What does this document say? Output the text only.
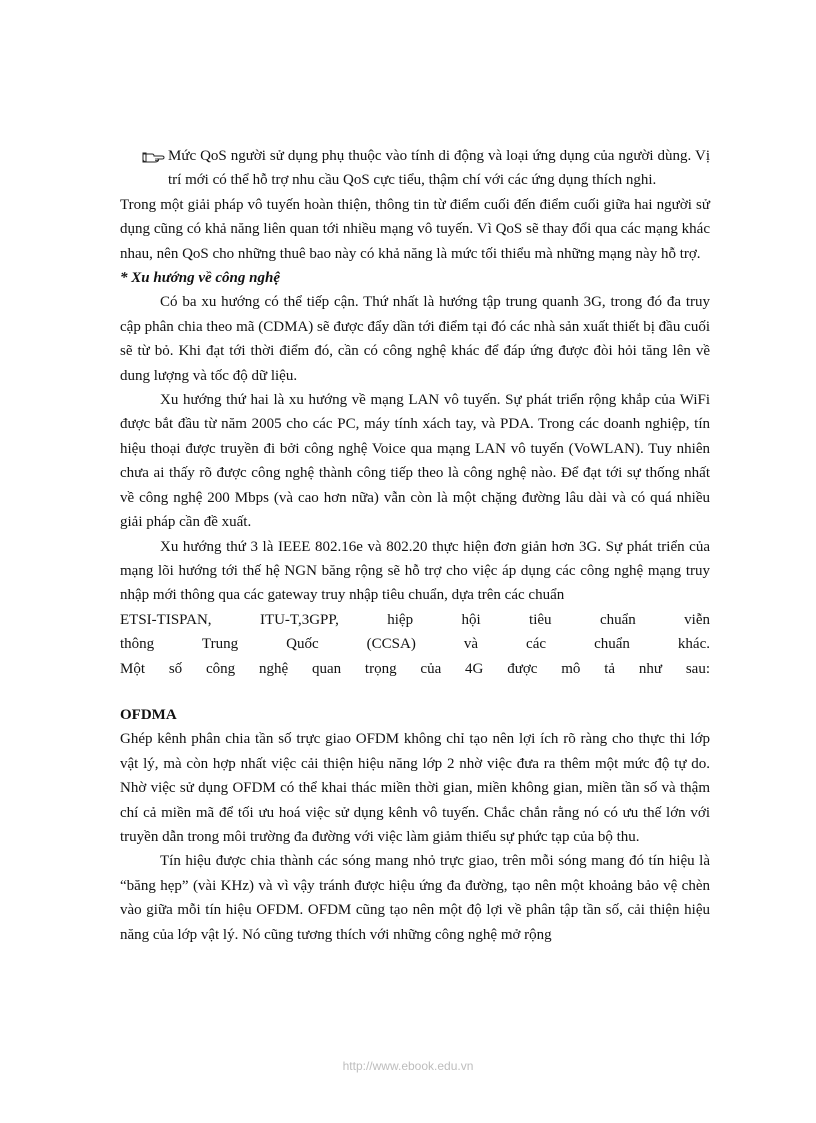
Mức QoS người sử dụng phụ thuộc vào tính di động và loại ứng dụng của người dùng. Vị trí mới có thể hỗ trợ nhu cầu QoS cực tiểu, thậm chí với các ứng dụng thích nghi.

Trong một giải pháp vô tuyến hoàn thiện, thông tin từ điểm cuối đến điểm cuối giữa hai người sử dụng cũng có khả năng liên quan tới nhiều mạng vô tuyến. Vì QoS sẽ thay đổi qua các mạng khác nhau, nên QoS cho những thuê bao này có khả năng là mức tối thiểu mà những mạng này hỗ trợ.

* Xu hướng về công nghệ

Có ba xu hướng có thể tiếp cận. Thứ nhất là hướng tập trung quanh 3G, trong đó đa truy cập phân chia theo mã (CDMA) sẽ được đẩy dần tới điểm tại đó các nhà sản xuất thiết bị đầu cuối sẽ từ bỏ. Khi đạt tới thời điểm đó, cần có công nghệ khác để đáp ứng được đòi hỏi tăng lên về dung lượng và tốc độ dữ liệu.

Xu hướng thứ hai là xu hướng về mạng LAN vô tuyến. Sự phát triển rộng khắp của WiFi được bắt đầu từ năm 2005 cho các PC, máy tính xách tay, và PDA. Trong các doanh nghiệp, tín hiệu thoại được truyền đi bởi công nghệ Voice qua mạng LAN vô tuyến (VoWLAN). Tuy nhiên chưa ai thấy rõ được công nghệ thành công tiếp theo là công nghệ nào. Để đạt tới sự thống nhất về công nghệ 200 Mbps (và cao hơn nữa) vẫn còn là một chặng đường lâu dài và có quá nhiều giải pháp cần đề xuất.

Xu hướng thứ 3 là IEEE 802.16e và 802.20 thực hiện đơn giản hơn 3G. Sự phát triển của mạng lõi hướng tới thế hệ NGN băng rộng sẽ hỗ trợ cho việc áp dụng các công nghệ mạng truy nhập mới thông qua các gateway truy nhập tiêu chuẩn, dựa trên các chuẩn

ETSI-TISPAN, ITU-T,3GPP, hiệp hội tiêu chuẩn viễn

thông Trung Quốc (CCSA) và các chuẩn khác.

Một số công nghệ quan trọng của 4G được mô tả như sau:

OFDMA

Ghép kênh phân chia tần số trực giao OFDM không chỉ tạo nên lợi ích rõ ràng cho thực thi lớp vật lý, mà còn hợp nhất việc cải thiện hiệu năng lớp 2 nhờ việc đưa ra thêm một mức độ tự do. Nhờ việc sử dụng OFDM có thể khai thác miền thời gian, miền không gian, miền tần số và thậm chí cả miền mã để tối ưu hoá việc sử dụng kênh vô tuyến. Chắc chắn rằng nó có ưu thế lớn với truyền dẫn trong môi trường đa đường với việc làm giảm thiểu sự phức tạp của bộ thu.

Tín hiệu được chia thành các sóng mang nhỏ trực giao, trên mỗi sóng mang đó tín hiệu là “băng hẹp” (vài KHz) và vì vậy tránh được hiệu ứng đa đường, tạo nên một khoảng bảo vệ chèn vào giữa mỗi tín hiệu OFDM. OFDM cũng tạo nên một độ lợi về phân tập tần số, cải thiện hiệu năng của lớp vật lý. Nó cũng tương thích với những công nghệ mở rộng

http://www.ebook.edu.vn
